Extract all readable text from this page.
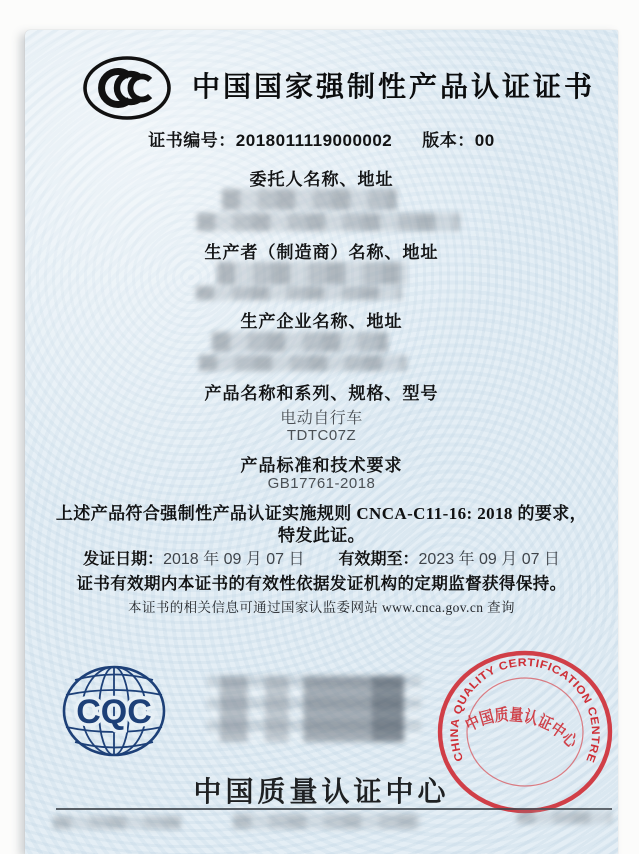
中国国家强制性产品认证证书
证书编号：2018011119000002 版本：00
委托人名称、地址
生产者（制造商）名称、地址
生产企业名称、地址
产品名称和系列、规格、型号
电动自行车
TDTC07Z
产品标准和技术要求
GB17761-2018
上述产品符合强制性产品认证实施规则 CNCA-C11-16: 2018 的要求，
特发此证。
发证日期：2018 年 09 月 07 日 有效期至：2023 年 09 月 07 日
证书有效期内本证书的有效性依据发证机构的定期监督获得保持。
本证书的相关信息可通过国家认监委网站 www.cnca.gov.cn 查询
CQC
CHINA QUALITY CERTIFICATION CENTRE
中国质量认证中心
中国质量认证中心
